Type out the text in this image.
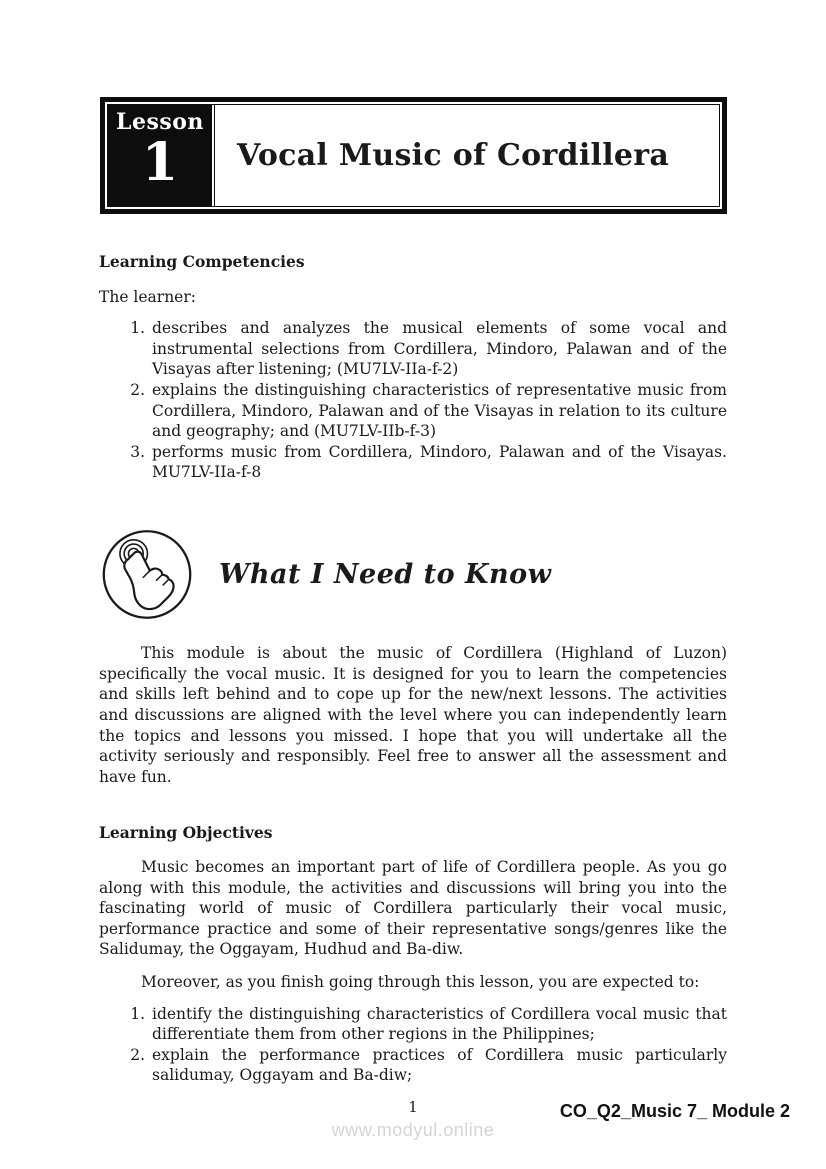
Lesson
1 Vocal Music of Cordillera
Learning Competencies
The learner:
1. describes and analyzes the musical elements of some vocal and instrumental selections from Cordillera, Mindoro, Palawan and of the Visayas after listening; (MU7LV-IIa-f-2)
2. explains the distinguishing characteristics of representative music from Cordillera, Mindoro, Palawan and of the Visayas in relation to its culture and geography; and (MU7LV-IIb-f-3)
3. performs music from Cordillera, Mindoro, Palawan and of the Visayas. MU7LV-IIa-f-8
What I Need to Know

This module is about the music of Cordillera (Highland of Luzon) specifically the vocal music. It is designed for you to learn the competencies and skills left behind and to cope up for the new/next lessons. The activities and discussions are aligned with the level where you can independently learn the topics and lessons you missed. I hope that you will undertake all the activity seriously and responsibly. Feel free to answer all the assessment and have fun.

Learning Objectives

Music becomes an important part of life of Cordillera people. As you go along with this module, the activities and discussions will bring you into the fascinating world of music of Cordillera particularly their vocal music, performance practice and some of their representative songs/genres like the Salidumay, the Oggayam, Hudhud and Ba-diw.

Moreover, as you finish going through this lesson, you are expected to:

1. identify the distinguishing characteristics of Cordillera vocal music that differentiate them from other regions in the Philippines;
2. explain the performance practices of Cordillera music particularly salidumay, Oggayam and Ba-diw;
1
www.modyul.online
CO_Q2_Music 7_ Module 2
